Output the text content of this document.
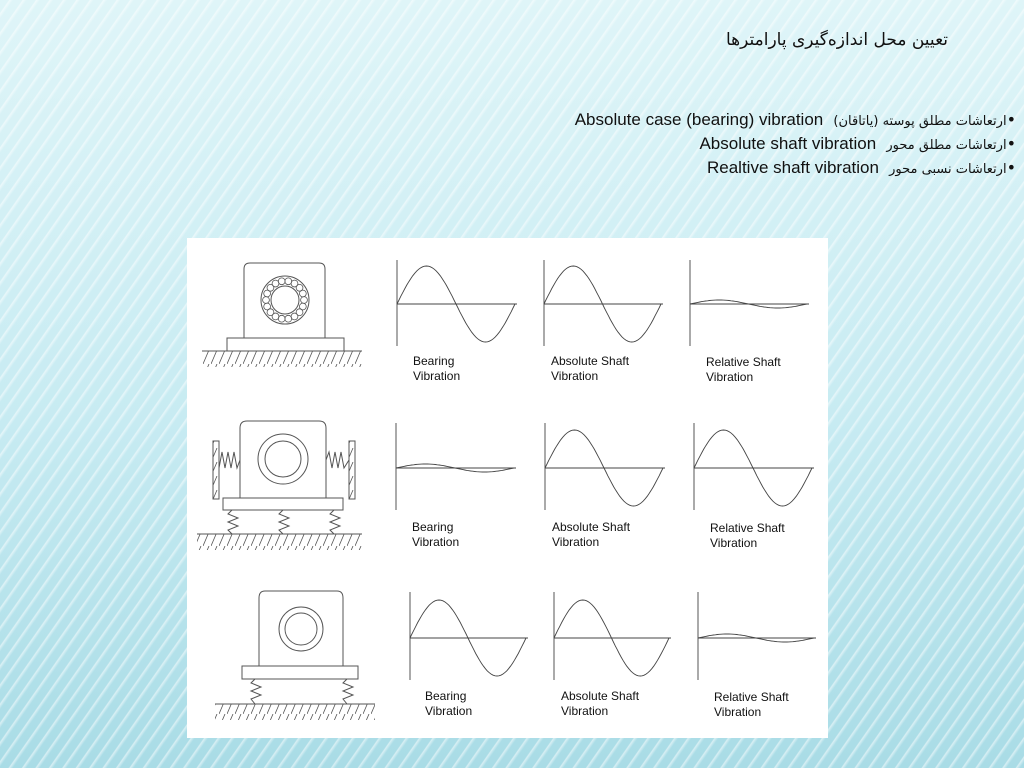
تعیین محل اندازه‌گیری پارامترها
•ارتعاشات مطلق پوسته (یاتاقان)  Absolute case (bearing) vibration
•ارتعاشات مطلق محور  Absolute shaft vibration
•ارتعاشات نسبی محور  Realtive shaft vibration
Bearing
Vibration
Absolute Shaft
Vibration
Relative Shaft
Vibration
Bearing
Vibration
Absolute Shaft
Vibration
Relative Shaft
Vibration
Bearing
Vibration
Absolute Shaft
Vibration
Relative Shaft
Vibration
